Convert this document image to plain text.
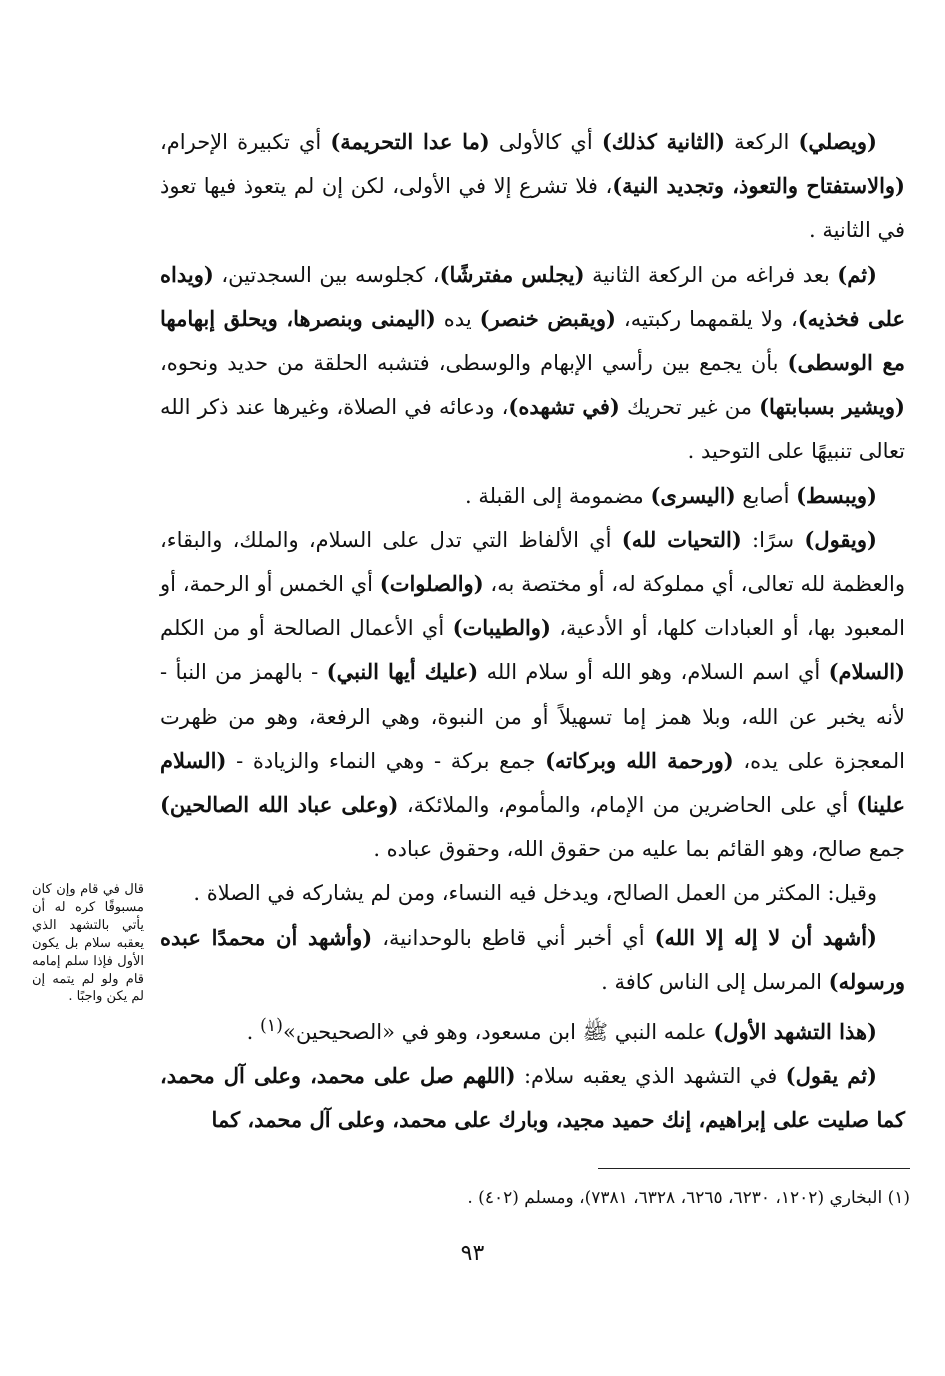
(ويصلي) الركعة (الثانية كذلك) أي كالأولى (ما عدا التحريمة) أي تكبيرة الإحرام، (والاستفتاح والتعوذ، وتجديد النية)، فلا تشرع إلا في الأولى، لكن إن لم يتعوذ فيها تعوذ في الثانية .

(ثم) بعد فراغه من الركعة الثانية (يجلس مفترشًا)، كجلوسه بين السجدتين، (ويداه على فخذيه)، ولا يلقمهما ركبتيه، (ويقبض خنصر) يده (اليمنى وبنصرها، ويحلق إبهامها مع الوسطى) بأن يجمع بين رأسي الإبهام والوسطى، فتشبه الحلقة من حديد ونحوه، (ويشير بسبابتها) من غير تحريك (في تشهده)، ودعائه في الصلاة، وغيرها عند ذكر الله تعالى تنبيهًا على التوحيد .

(ويبسط) أصابع (اليسرى) مضمومة إلى القبلة .

(ويقول) سرًا: (التحيات لله) أي الألفاظ التي تدل على السلام، والملك، والبقاء، والعظمة لله تعالى، أي مملوكة له، أو مختصة به، (والصلوات) أي الخمس أو الرحمة، أو المعبود بها، أو العبادات كلها، أو الأدعية، (والطيبات) أي الأعمال الصالحة أو من الكلم (السلام) أي اسم السلام، وهو الله أو سلام الله (عليك أيها النبي) - بالهمز من النبأ - لأنه يخبر عن الله، وبلا همز إما تسهيلاً أو من النبوة، وهي الرفعة، وهو من ظهرت المعجزة على يده، (ورحمة الله وبركاته) جمع بركة - وهي النماء والزيادة - (السلام علينا) أي على الحاضرين من الإمام، والمأموم، والملائكة، (وعلى عباد الله الصالحين) جمع صالح، وهو القائم بما عليه من حقوق الله، وحقوق عباده .

وقيل: المكثر من العمل الصالح، ويدخل فيه النساء، ومن لم يشاركه في الصلاة .

(أشهد أن لا إله إلا الله) أي أخبر أني قاطع بالوحدانية، (وأشهد أن محمدًا عبده ورسوله) المرسل إلى الناس كافة .

(هذا التشهد الأول) علمه النبي ﷺ ابن مسعود، وهو في «الصحيحين»$^{(١)}$ .

(ثم يقول) في التشهد الذي يعقبه سلام: (اللهم صل على محمد، وعلى آل محمد، كما صليت على إبراهيم، إنك حميد مجيد، وبارك على محمد، وعلى آل محمد، كما

قال في قام وإن كان مسبوقًا كره له أن يأتي بالتشهد الذي يعقبه سلام بل يكون الأول فإذا سلم إمامه قام ولو لم يتمه إن لم يكن واجبًا .
(١) البخاري (١٢٠٢، ٦٢٣٠، ٦٢٦٥، ٦٣٢٨، ٧٣٨١)، ومسلم (٤٠٢) .
٩٣
